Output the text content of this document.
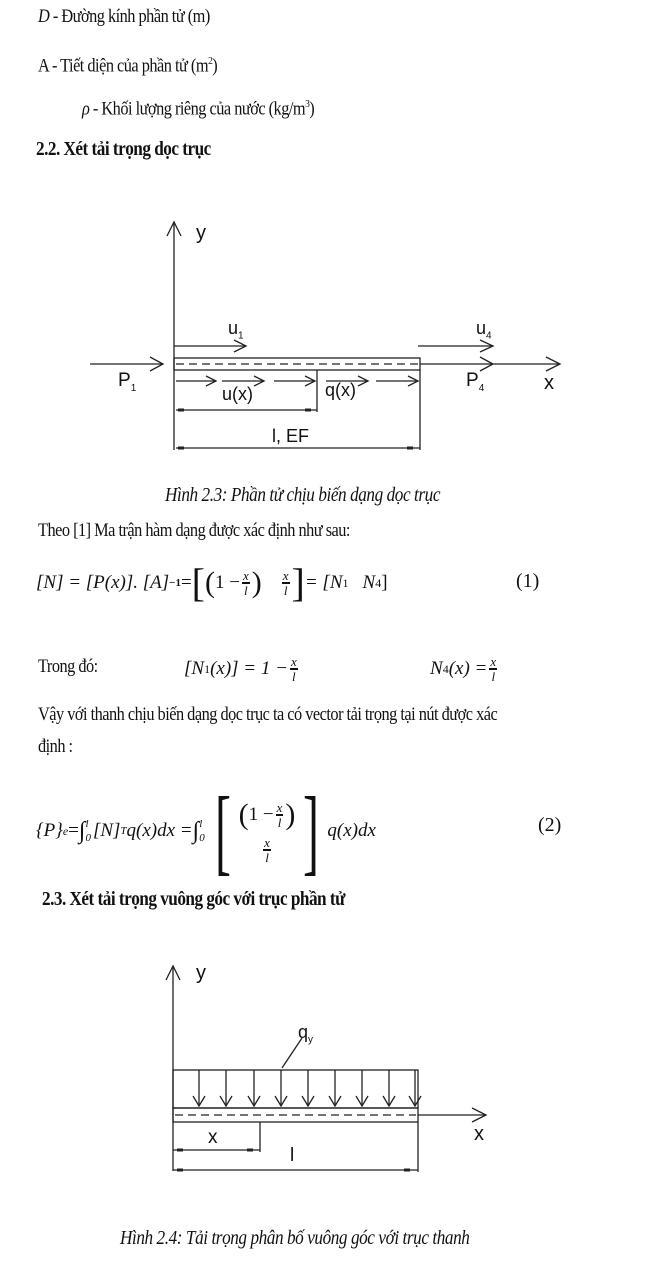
D - Đường kính phần tử (m)
A - Tiết diện của phần tử $(m^2)$
ρ - Khối lượng riêng của nước $(kg/m^3)$
2.2. Xét tải trọng dọc trục
y
x
$u_1$	$u_4$
$P_1$	$P_4$
u(x)	q(x)
l, EF
Hình 2.3: Phần tử chịu biến dạng dọc trục
Theo [1] Ma trận hàm dạng được xác định như sau:
[N] = [P(x)]. [A] −1 = [ ( $1 - \frac{x}{l}$ ) $\frac{x}{l}$ ] = [N 1 N 4 ]	(1)
Trong đó:	[N 1 $(x)] = 1 - \frac{x}{l}$	N 4 $(x) = \frac{x}{l}$
Vậy với thanh chịu biến dạng dọc trục ta có vector tải trọng tại nút được xác
định :
{P} e = ∫ l
0 [N] T q(x)dx = ∫ l
0 [ ( $1 - \frac{x}{l}$ )
$\frac{x}{l}$ ] q(x)dx	(2)
2.3. Xét tải trọng vuông góc với trục phần tử
y
x
$q_y$
x
l
Hình 2.4: Tải trọng phân bố vuông góc với trục thanh
